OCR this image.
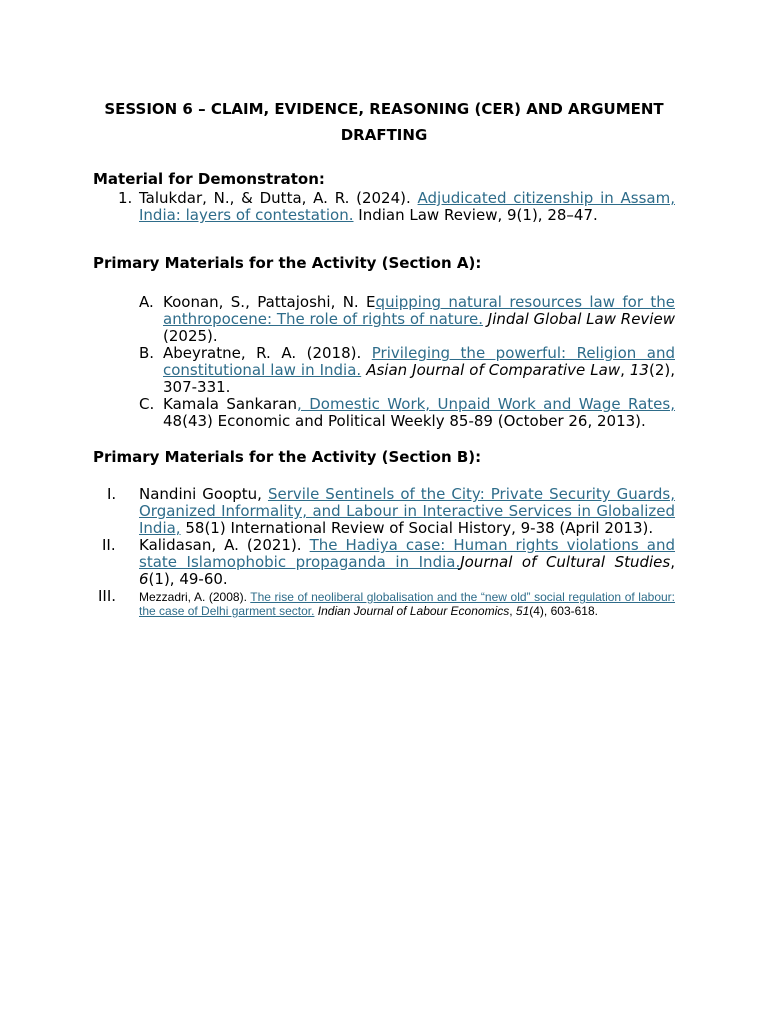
SESSION 6 – CLAIM, EVIDENCE, REASONING (CER) AND ARGUMENT DRAFTING
Material for Demonstraton:
1. Talukdar, N., & Dutta, A. R. (2024). Adjudicated citizenship in Assam, India: layers of contestation. Indian Law Review, 9(1), 28–47.
Primary Materials for the Activity (Section A):
A. Koonan, S., Pattajoshi, N. Equipping natural resources law for the anthropocene: The role of rights of nature. Jindal Global Law Review (2025).
B. Abeyratne, R. A. (2018). Privileging the powerful: Religion and constitutional law in India. Asian Journal of Comparative Law, 13(2), 307-331.
C. Kamala Sankaran, Domestic Work, Unpaid Work and Wage Rates, 48(43) Economic and Political Weekly 85-89 (October 26, 2013).
Primary Materials for the Activity (Section B):
I. Nandini Gooptu, Servile Sentinels of the City: Private Security Guards, Organized Informality, and Labour in Interactive Services in Globalized India, 58(1) International Review of Social History, 9-38 (April 2013).
II. Kalidasan, A. (2021). The Hadiya case: Human rights violations and state Islamophobic propaganda in India.Journal of Cultural Studies, 6(1), 49-60.
III. Mezzadri, A. (2008). The rise of neoliberal globalisation and the “new old” social regulation of labour: the case of Delhi garment sector. Indian Journal of Labour Economics, 51(4), 603-618.
